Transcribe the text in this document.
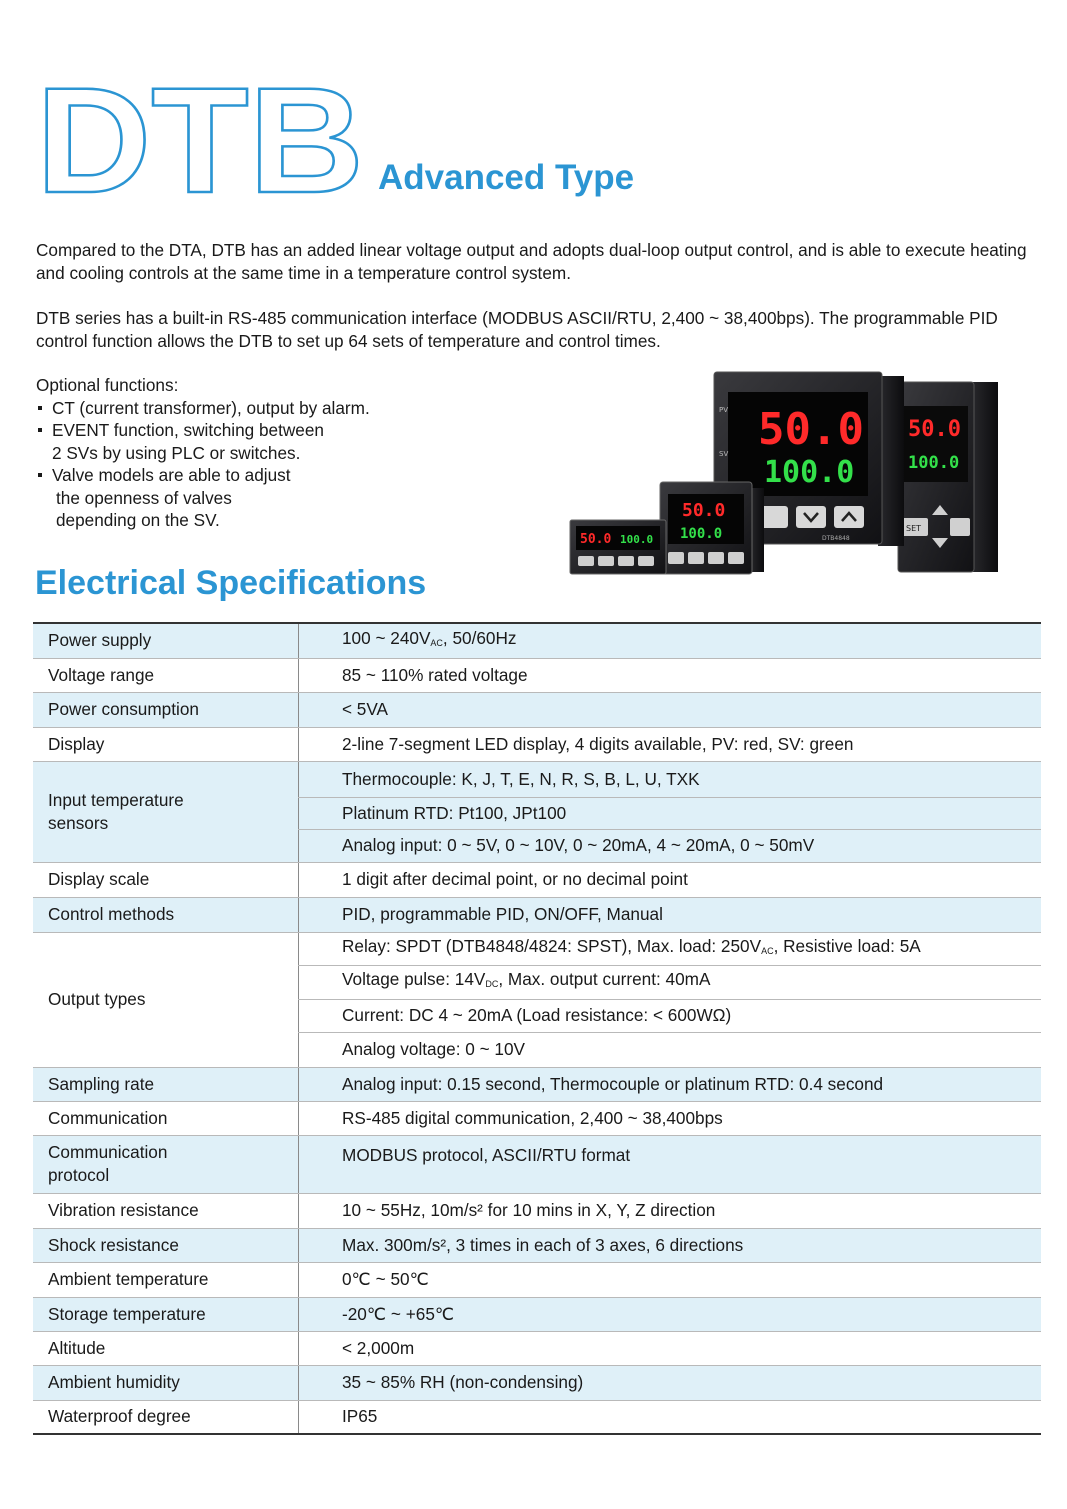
DTB Advanced Type
Compared to the DTA, DTB has an added linear voltage output and adopts dual-loop output control, and is able to execute heating and cooling controls at the same time in a temperature control system.
DTB series has a built-in RS-485 communication interface (MODBUS ASCII/RTU, 2,400 ~ 38,400bps). The programmable PID control function allows the DTB to set up 64 sets of temperature and control times.
Optional functions:
CT (current transformer), output by alarm.
EVENT function, switching between
2 SVs by using PLC or switches.
Valve models are able to adjust
the openness of valves
depending on the SV.
50.0
100.0
SET
PV
SV 50.0
100.0
DTB4848
50.0
100.0
50.0 100.0
Electrical Specifications
Power supply	100 ~ $240V_{AC}$, 50/60Hz
Voltage range	85 ~ 110% rated voltage
Power consumption	< 5VA
Display	2-line 7-segment LED display, 4 digits available, PV: red, SV: green

Input temperature
sensors	Thermocouple: K, J, T, E, N, R, S, B, L, U, TXK
	Platinum RTD: Pt100, JPt100
	Analog input: 0 ~ 5V, 0 ~ 10V, 0 ~ 20mA, 4 ~ 20mA, 0 ~ 50mV
Display scale	1 digit after decimal point, or no decimal point
Control methods	PID, programmable PID, ON/OFF, Manual
Output types	Relay: SPDT (DTB4848/4824: SPST), Max. load: $250V_{AC}$, Resistive load: 5A
	Voltage pulse: $14V_{DC}$, Max. output current: 40mA
	Current: DC 4 ~ 20mA (Load resistance: < 600WΩ)
	Analog voltage: 0 ~ 10V
Sampling rate	Analog input: 0.15 second, Thermocouple or platinum RTD: 0.4 second
Communication	RS-485 digital communication, 2,400 ~ 38,400bps

Communication
protocol	MODBUS protocol, ASCII/RTU format
Vibration resistance	10 ~ 55Hz, 10m/s² for 10 mins in X, Y, Z direction
Shock resistance	Max. 300m/s², 3 times in each of 3 axes, 6 directions
Ambient temperature	0℃ ~ 50℃
Storage temperature	-20℃ ~ +65℃
Altitude	< 2,000m
Ambient humidity	35 ~ 85% RH (non-condensing)
Waterproof degree	IP65
